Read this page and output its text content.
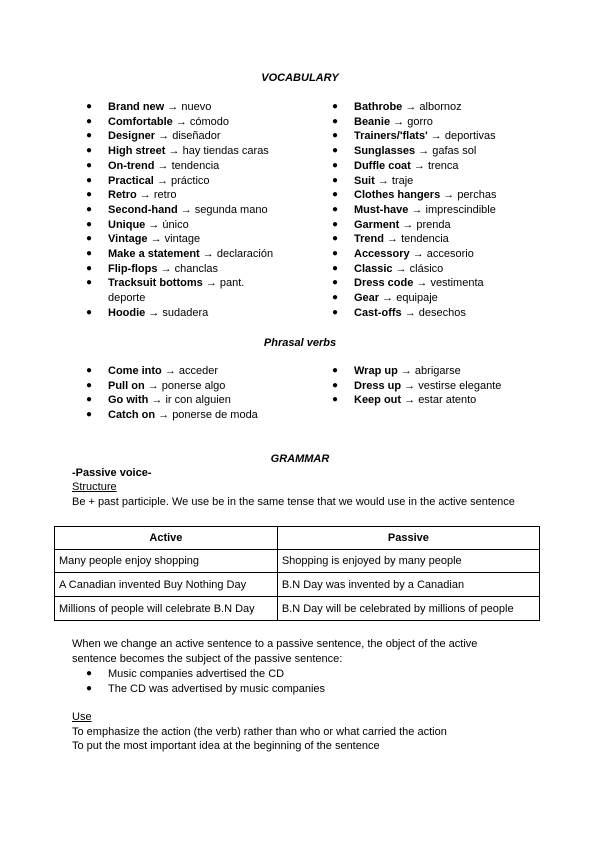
VOCABULARY
● Brand new → nuevo
● Comfortable → cómodo
● Designer → diseñador
● High street → hay tiendas caras
● On-trend → tendencia
● Practical → práctico
● Retro → retro
● Second-hand → segunda mano
● Unique → único
● Vintage → vintage
● Make a statement → declaración
● Flip-flops → chanclas
● Tracksuit bottoms → pant.
deporte
● Hoodie → sudadera
● Bathrobe → albornoz
● Beanie → gorro
● Trainers/'flats' → deportivas
● Sunglasses → gafas sol
● Duffle coat → trenca
● Suit → traje
● Clothes hangers → perchas
● Must-have → imprescindible
● Garment → prenda
● Trend → tendencia
● Accessory → accesorio
● Classic → clásico
● Dress code → vestimenta
● Gear → equipaje
● Cast-offs → desechos
Phrasal verbs
● Come into → acceder
● Pull on → ponerse algo
● Go with → ir con alguien
● Catch on → ponerse de moda
● Wrap up → abrigarse
● Dress up → vestirse elegante
● Keep out → estar atento
GRAMMAR
-Passive voice-
Structure
Be + past participle. We use be in the same tense that we would use in the active sentence
Active	Passive
Many people enjoy shopping	Shopping is enjoyed by many people
A Canadian invented Buy Nothing Day	B.N Day was invented by a Canadian
Millions of people will celebrate B.N Day	B.N Day will be celebrated by millions of people
When we change an active sentence to a passive sentence, the object of the active sentence becomes the subject of the passive sentence:
● Music companies advertised the CD
● The CD was advertised by music companies
Use
To emphasize the action (the verb) rather than who or what carried the action
To put the most important idea at the beginning of the sentence
